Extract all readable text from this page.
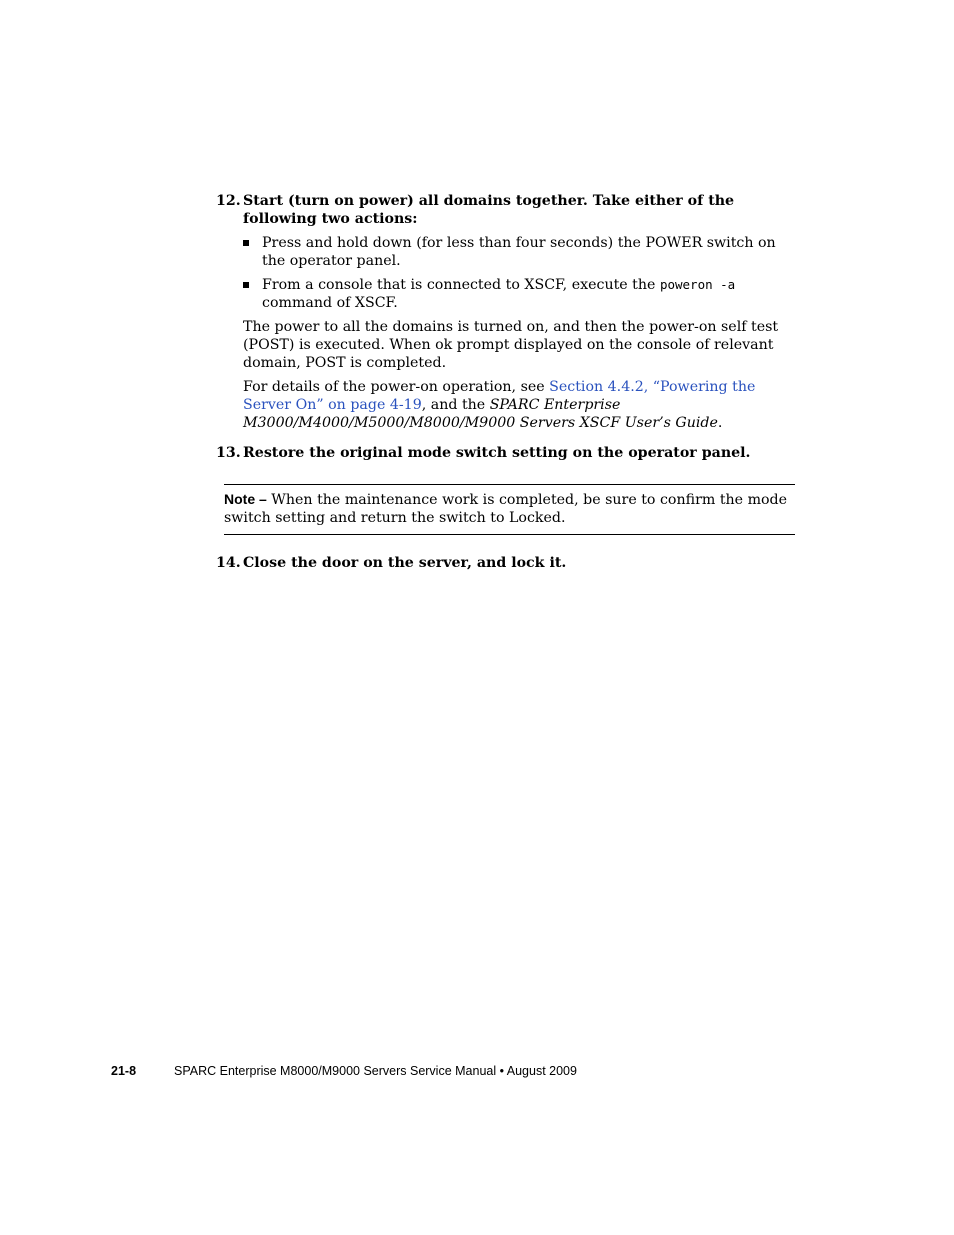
12. Start (turn on power) all domains together. Take either of the following two actions:
Press and hold down (for less than four seconds) the POWER switch on the operator panel.
From a console that is connected to XSCF, execute the poweron -a command of XSCF.
The power to all the domains is turned on, and then the power-on self test (POST) is executed. When ok prompt displayed on the console of relevant domain, POST is completed.
For details of the power-on operation, see Section 4.4.2, “Powering the Server On” on page 4-19, and the SPARC Enterprise M3000/M4000/M5000/M8000/M9000 Servers XSCF User’s Guide.
13. Restore the original mode switch setting on the operator panel.
Note – When the maintenance work is completed, be sure to confirm the mode switch setting and return the switch to Locked.
14. Close the door on the server, and lock it.
21-8	SPARC Enterprise M8000/M9000 Servers Service Manual • August 2009
